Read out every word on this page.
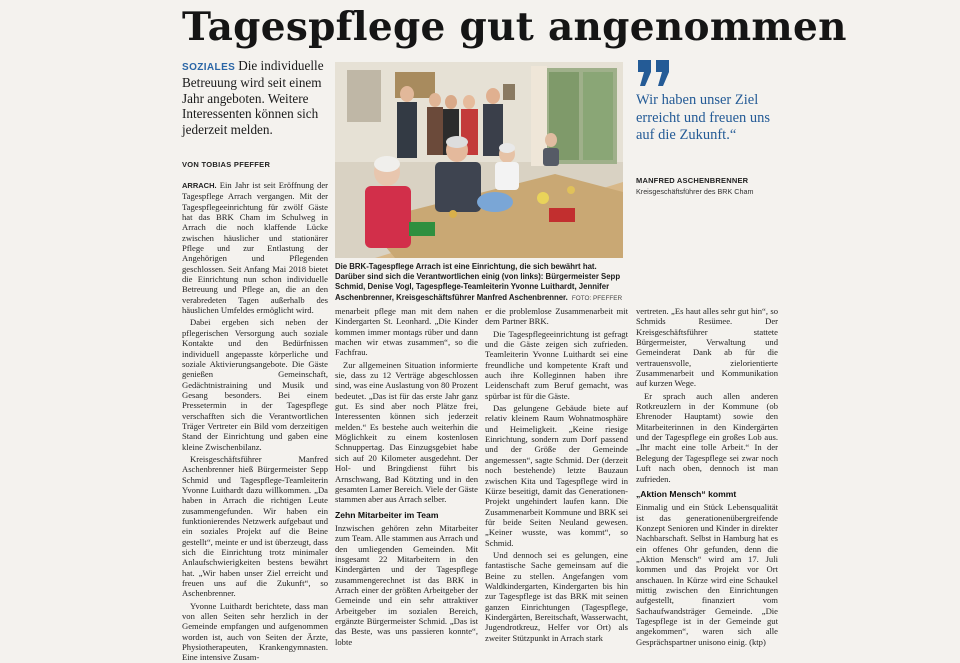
Tagespflege gut angenommen
SOZIALES Die individuelle Betreuung wird seit einem Jahr angeboten. Weitere Interessenten können sich jederzeit melden.
VON TOBIAS PFEFFER

ARRACH. Ein Jahr ist seit Eröffnung der Tagespflege Arrach vergangen. Mit der Tagespflegeeinrichtung für zwölf Gäste hat das BRK Cham im Schulweg in Arrach die noch klaffende Lücke zwischen häuslicher und stationärer Pflege und zur Entlastung der Angehörigen und Pflegenden geschlossen. Seit Anfang Mai 2018 bietet die Einrichtung nun schon individuelle Betreuung und Pflege an, die an den verabredeten Tagen außerhalb des häuslichen Umfeldes ermöglicht wird.

Dabei ergeben sich neben der pflegerischen Versorgung auch soziale Kontakte und den Bedürfnissen individuell angepasste körperliche und soziale Aktivierungsangebote. Die Gäste genießen Gemeinschaft, Gedächtnistraining und Musik und Gesang besonders. Bei einem Pressetermin in der Tagespflege verschafften sich die Verantwortlichen Träger Vertreter ein Bild vom derzeitigen Stand der Einrichtung und gaben eine kleine Zwischenbilanz.

Kreisgeschäftsführer Manfred Aschenbrenner hieß Bürgermeister Sepp Schmid und Tagespflege-Teamleiterin Yvonne Luithardt dazu willkommen. „Da haben in Arrach die richtigen Leute zusammengefunden. Wir haben ein funktionierendes Netzwerk aufgebaut und ein soziales Projekt auf die Beine gestellt“, meinte er und ist überzeugt, dass sich die Einrichtung trotz minimaler Anlaufschwierigkeiten bestens bewährt hat. „Wir haben unser Ziel erreicht und freuen uns auf die Zukunft“, so Aschenbrenner.

Yvonne Luithardt berichtete, dass man von allen Seiten sehr herzlich in der Gemeinde empfangen und aufgenommen worden ist, auch von Seiten der Ärzte, Physiotherapeuten, Krankengymnasten. Eine intensive Zusam-

Die BRK-Tagespflege Arrach ist eine Einrichtung, die sich bewährt hat. Darüber sind sich die Verantwortlichen einig (von links): Bürgermeister Sepp Schmid, Denise Vogl, Tagespflege-Teamleiterin Yvonne Luithardt, Jennifer Aschenbrenner, Kreisgeschäftsführer Manfred Aschenbrenner. FOTO: PFEFFER

menarbeit pflege man mit dem nahen Kindergarten St. Leonhard. „Die Kinder kommen immer montags rüber und dann machen wir etwas zusammen“, so die Fachfrau.

Zur allgemeinen Situation informierte sie, dass zu 12 Verträge abgeschlossen sind, was eine Auslastung von 80 Prozent bedeutet. „Das ist für das erste Jahr ganz gut. Es sind aber noch Plätze frei, Interessenten können sich jederzeit melden.“ Es bestehe auch weiterhin die Möglichkeit zu einem kostenlosen Schnuppertag. Das Einzugsgebiet habe sich auf 20 Kilometer ausgedehnt. Der Hol- und Bringdienst führt bis Arnschwang, Bad Kötzting und in den gesamten Lamer Bereich. Viele der Gäste stammen aber aus Arrach selber.

Zehn Mitarbeiter im Team

Inzwischen gehören zehn Mitarbeiter zum Team. Alle stammen aus Arrach und den umliegenden Gemeinden. Mit insgesamt 22 Mitarbeitern in den Kindergärten und der Tagespflege zusammengerechnet ist das BRK in Arrach einer der größten Arbeitgeber der Gemeinde und ein sehr attraktiver Arbeitgeber im sozialen Bereich, ergänzte Bürgermeister Schmid. „Das ist das Beste, was uns passieren konnte“, lobte

er die problemlose Zusammenarbeit mit dem Partner BRK.

Die Tagespflegeeinrichtung ist gefragt und die Gäste zeigen sich zufrieden. Teamleiterin Yvonne Luithardt sei eine freundliche und kompetente Kraft und auch ihre Kolleginnen haben ihre Leidenschaft zum Beruf gemacht, was spürbar ist für die Gäste.

Das gelungene Gebäude biete auf relativ kleinem Raum Wohnatmosphäre und Heimeligkeit. „Keine riesige Einrichtung, sondern zum Dorf passend und der Größe der Gemeinde angemessen“, sagte Schmid. Der (derzeit noch bestehende) letzte Bauzaun zwischen Kita und Tagespflege wird in Kürze beseitigt, damit das Generationen-Projekt ungehindert laufen kann. Die Zusammenarbeit Kommune und BRK sei für beide Seiten Neuland gewesen. „Keiner wusste, was kommt“, so Schmid.

Und dennoch sei es gelungen, eine fantastische Sache gemeinsam auf die Beine zu stellen. Angefangen vom Waldkindergarten, Kindergarten bis hin zur Tagespflege ist das BRK mit seinen ganzen Einrichtungen (Tagespflege, Kindergärten, Bereitschaft, Wasserwacht, Jugendrotkreuz, Helfer vor Ort) als zweiter Stützpunkt in Arrach stark

Wir haben unser Ziel erreicht und freuen uns auf die Zukunft.“
MANFRED ASCHENBRENNER
Kreisgeschäftsführer des BRK Cham

vertreten. „Es haut alles sehr gut hin“, so Schmids Resümee. Der Kreisgeschäftsführer stattete Bürgermeister, Verwaltung und Gemeinderat Dank ab für die vertrauensvolle, zielorientierte Zusammenarbeit und Kommunikation auf kurzen Wege.

Er sprach auch allen anderen Rotkreuzlern in der Kommune (ob Ehrenoder Hauptamt) sowie den Mitarbeiterinnen in den Kindergärten und der Tagespflege ein großes Lob aus. „Ihr macht eine tolle Arbeit.“ In der Belegung der Tagespflege sei zwar noch Luft nach oben, dennoch ist man zufrieden.

„Aktion Mensch“ kommt

Einmalig und ein Stück Lebensqualität ist das generationenübergreifende Konzept Senioren und Kinder in direkter Nachbarschaft. Selbst in Hamburg hat es ein offenes Ohr gefunden, denn die „Aktion Mensch“ wird am 17. Juli kommen und das Projekt vor Ort anschauen. In Kürze wird eine Schaukel mittig zwischen den Einrichtungen aufgestellt, finanziert vom Sachaufwandsträger Gemeinde. „Die Tagespflege ist in der Gemeinde gut angekommen“, waren sich alle Gesprächspartner unisono einig. (ktp)
